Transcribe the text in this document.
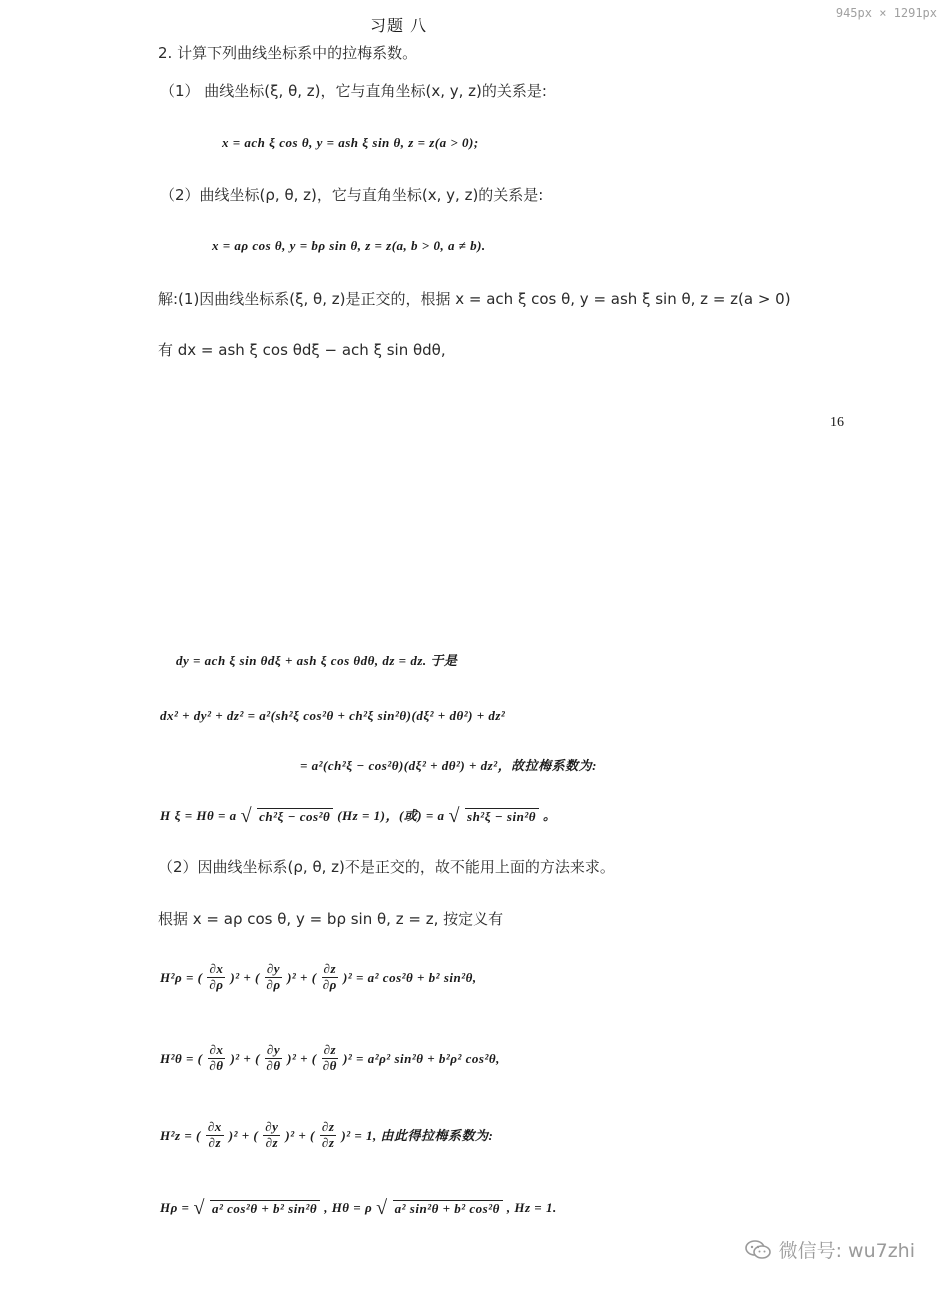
945px × 1291px
习题 八
2. 计算下列曲线坐标系中的拉梅系数。
（1） 曲线坐标(ξ, θ, z)，它与直角坐标(x, y, z)的关系是:
x = ach ξ cos θ, y = ash ξ sin θ, z = z(a > 0);
（2）曲线坐标(ρ, θ, z)，它与直角坐标(x, y, z)的关系是:
x = aρ cos θ, y = bρ sin θ, z = z(a, b > 0, a ≠ b).
解:(1)因曲线坐标系(ξ, θ, z)是正交的，根据 x = ach ξ cos θ, y = ash ξ sin θ, z = z(a > 0)
有 dx = ash ξ cos θdξ − ach ξ sin θdθ,
16
dy = ach ξ sin θdξ + ash ξ cos θdθ, dz = dz. 于是
dx² + dy² + dz² = a²(sh²ξ cos²θ + ch²ξ sin²θ)(dξ² + dθ²) + dz²
= a²(ch²ξ − cos²θ)(dξ² + dθ²) + dz²，故拉梅系数为:
H ξ = Hθ = a √ ch²ξ − cos²θ (Hz = 1)，(或) = a √ sh²ξ − sin²θ 。
（2）因曲线坐标系(ρ, θ, z)不是正交的，故不能用上面的方法来求。
根据 x = aρ cos θ, y = bρ sin θ, z = z, 按定义有
H²ρ = ( $\frac{\partial x}{\partial\rho} )^2$ + ( $\frac{\partial y}{\partial\rho} )^2$ + ( $\frac{\partial z}{\partial\rho} )^2 = a^2$ cos²θ + b² sin²θ,
H²θ = ( $\frac{\partial x}{\partial\theta} )^2$ + ( $\frac{\partial y}{\partial\theta} )^2$ + ( $\frac{\partial z}{\partial\theta} )^2 = a^2\rho^2$ sin²θ + b²ρ² cos²θ,
H²z = ( $\frac{\partial x}{\partial z} )^2$ + ( $\frac{\partial y}{\partial z} )^2$ + ( $\frac{\partial z}{\partial z} )^2 = 1$, 由此得拉梅系数为:
Hρ = √ a² cos²θ + b² sin²θ , Hθ = ρ √ a² sin²θ + b² cos²θ , Hz = 1.
微信号: wu7zhi
